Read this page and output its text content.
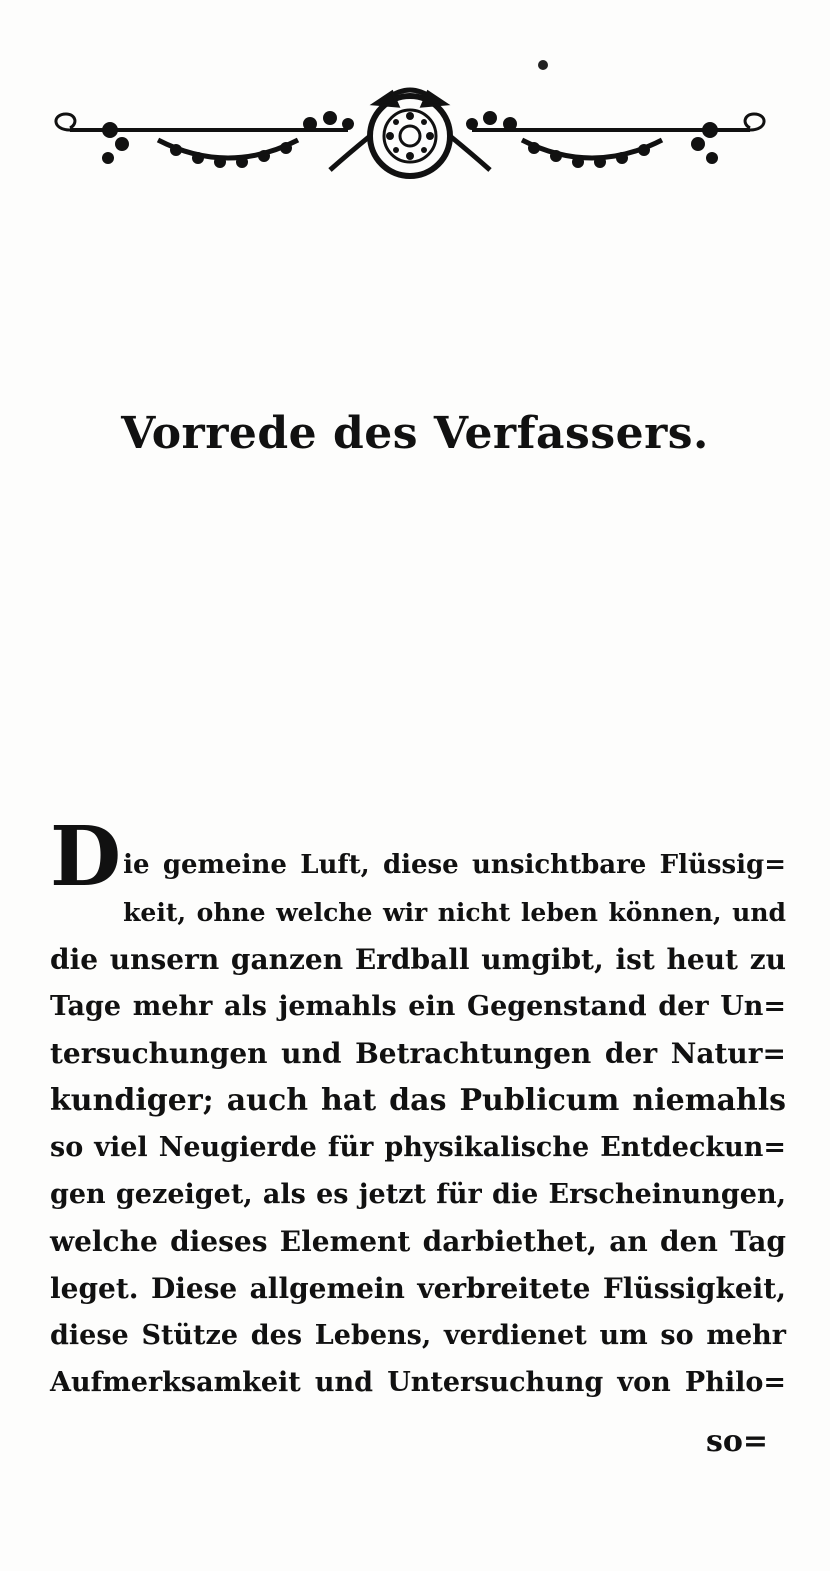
Vorrede des Verfassers.
Die gemeine Luft, diese unsichtbare Flüssig=
keit, ohne welche wir nicht leben können, und
die unsern ganzen Erdball umgibt, ist heut zu
Tage mehr als jemahls ein Gegenstand der Un=
tersuchungen und Betrachtungen der Natur=
kundiger; auch hat das Publicum niemahls
so viel Neugierde für physikalische Entdeckun=
gen gezeiget, als es jetzt für die Erscheinungen,
welche dieses Element darbiethet, an den Tag
leget. Diese allgemein verbreitete Flüssigkeit,
diese Stütze des Lebens, verdienet um so mehr
Aufmerksamkeit und Untersuchung von Philo=
so=
